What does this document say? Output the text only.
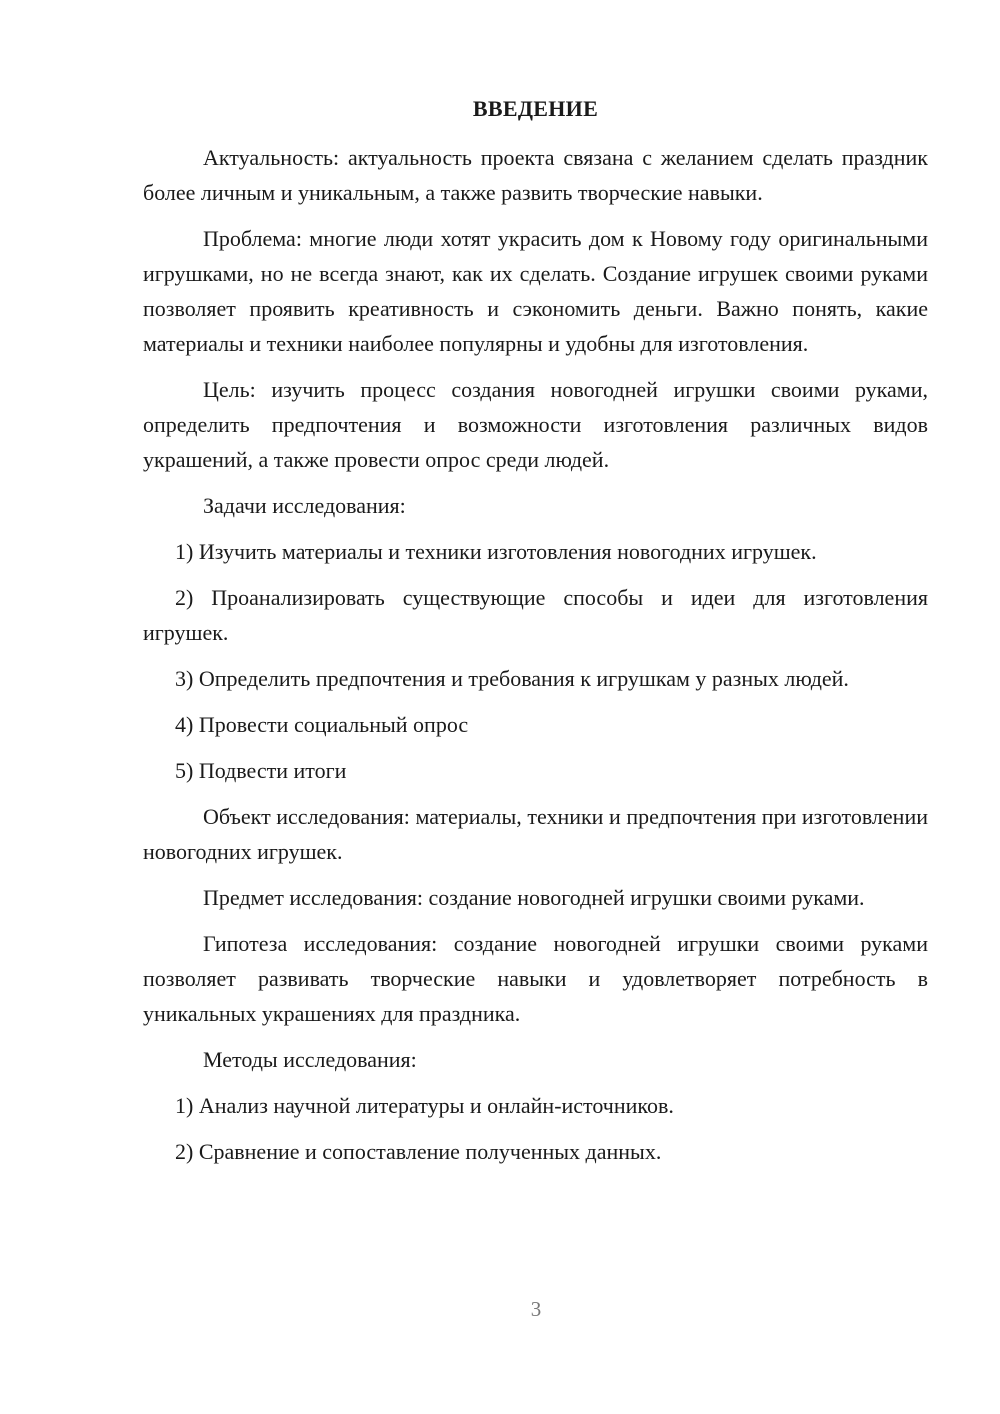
ВВЕДЕНИЕ

Актуальность: актуальность проекта связана с желанием сделать праздник более личным и уникальным, а также развить творческие навыки.

Проблема: многие люди хотят украсить дом к Новому году оригинальными игрушками, но не всегда знают, как их сделать. Создание игрушек своими руками позволяет проявить креативность и сэкономить деньги. Важно понять, какие материалы и техники наиболее популярны и удобны для изготовления.

Цель: изучить процесс создания новогодней игрушки своими руками, определить предпочтения и возможности изготовления различных видов украшений, а также провести опрос среди людей.

Задачи исследования:

1) Изучить материалы и техники изготовления новогодних игрушек.

2) Проанализировать существующие способы и идеи для изготовления игрушек.

3) Определить предпочтения и требования к игрушкам у разных людей.

4) Провести социальный опрос

5) Подвести итоги

Объект исследования: материалы, техники и предпочтения при изготовлении новогодних игрушек.

Предмет исследования: создание новогодней игрушки своими руками.

Гипотеза исследования: создание новогодней игрушки своими руками позволяет развивать творческие навыки и удовлетворяет потребность в уникальных украшениях для праздника.

Методы исследования:

1) Анализ научной литературы и онлайн-источников.

2) Сравнение и сопоставление полученных данных.

3
